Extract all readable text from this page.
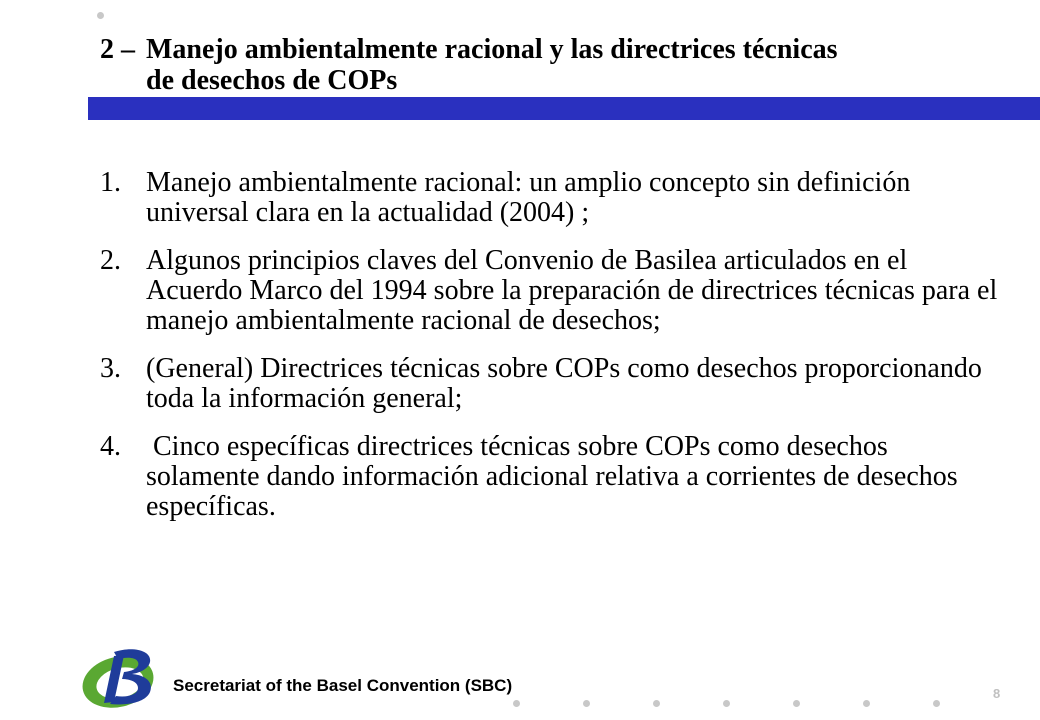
2 – Manejo ambientalmente racional y las directrices técnicas
de desechos de COPs
1. Manejo ambientalmente racional: un amplio concepto sin definición universal clara en la actualidad (2004) ;
2. Algunos principios claves del Convenio de Basilea articulados en el Acuerdo Marco del 1994 sobre la preparación de directrices técnicas para el manejo ambientalmente racional de desechos;
3. (General) Directrices técnicas sobre COPs como desechos proporcionando toda la información general;
4. Cinco específicas directrices técnicas sobre COPs como desechos solamente dando información adicional relativa a corrientes de desechos específicas.
Secretariat of the Basel Convention (SBC)	8
